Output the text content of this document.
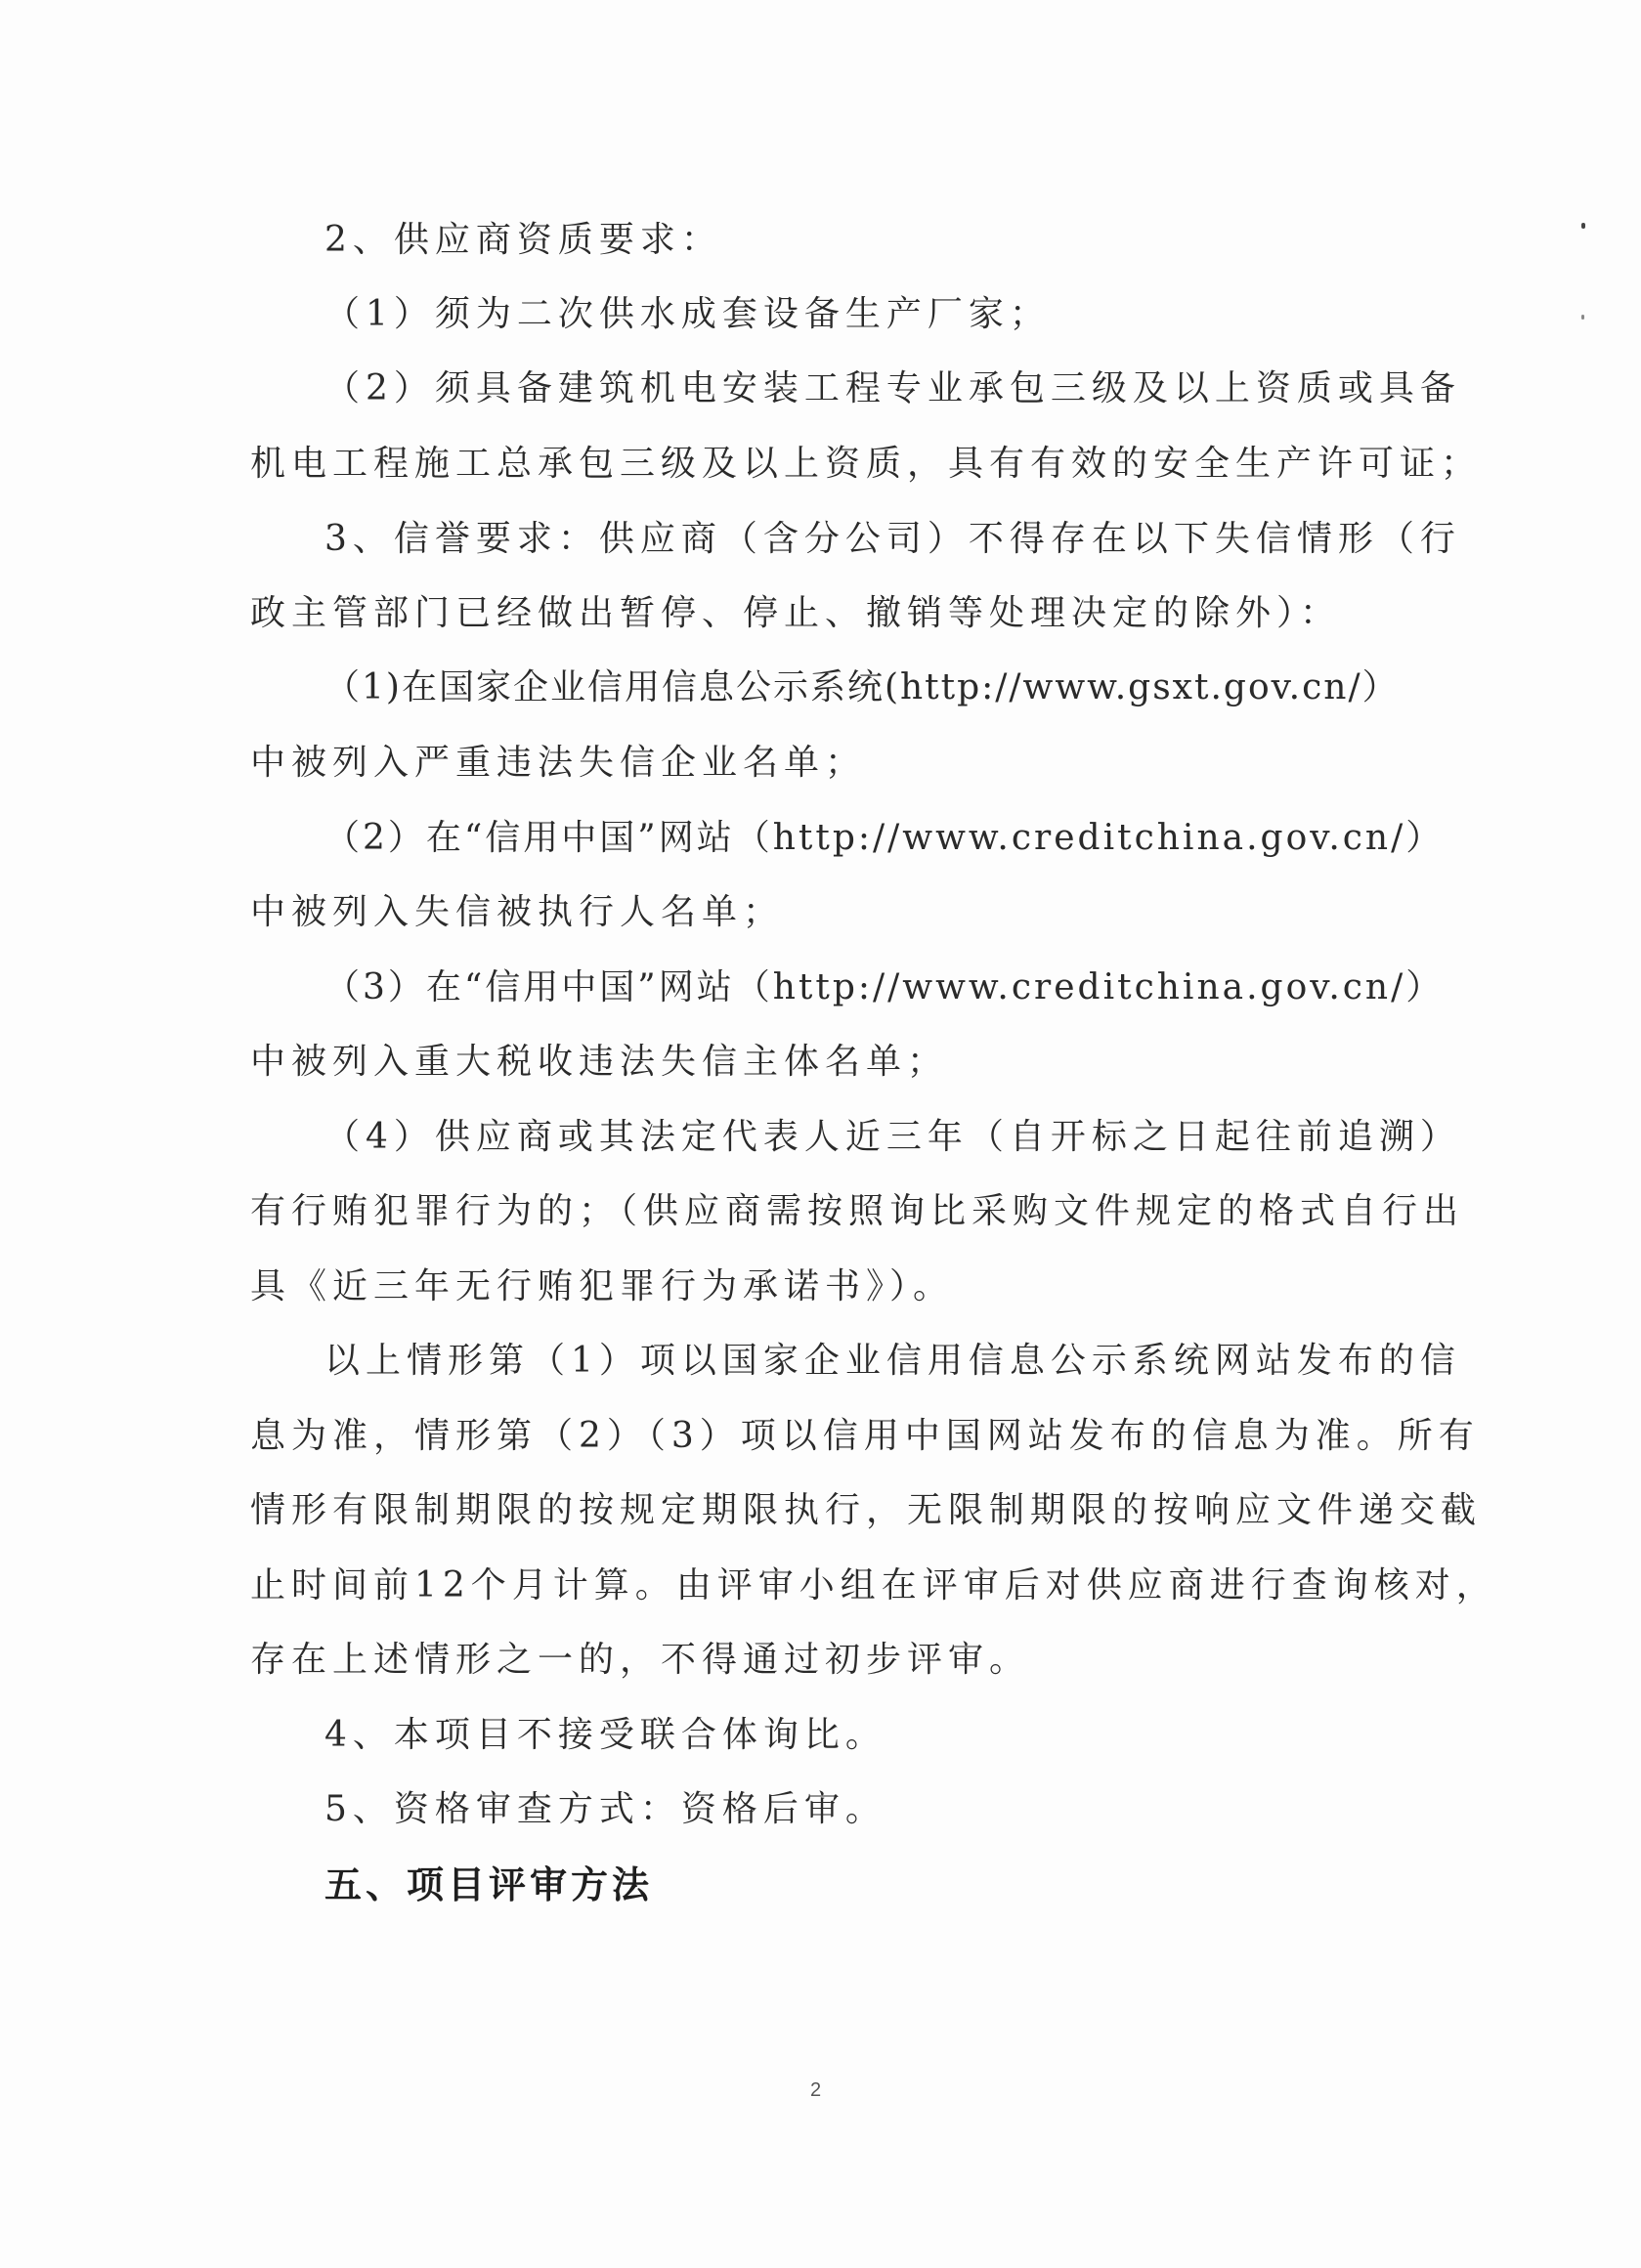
2、供应商资质要求：
（1）须为二次供水成套设备生产厂家；
（2）须具备建筑机电安装工程专业承包三级及以上资质或具备
机电工程施工总承包三级及以上资质，具有有效的安全生产许可证；
3、信誉要求：供应商（含分公司）不得存在以下失信情形（行
政主管部门已经做出暂停、停止、撤销等处理决定的除外）：
（1)在国家企业信用信息公示系统(http://www.gsxt.gov.cn/）
中被列入严重违法失信企业名单；
（2）在“信用中国”网站（http://www.creditchina.gov.cn/）
中被列入失信被执行人名单；
（3）在“信用中国”网站（http://www.creditchina.gov.cn/）
中被列入重大税收违法失信主体名单；
（4）供应商或其法定代表人近三年（自开标之日起往前追溯）
有行贿犯罪行为的；（供应商需按照询比采购文件规定的格式自行出
具《近三年无行贿犯罪行为承诺书》）。
以上情形第（1）项以国家企业信用信息公示系统网站发布的信
息为准，情形第（2）（3）项以信用中国网站发布的信息为准。所有
情形有限制期限的按规定期限执行，无限制期限的按响应文件递交截
止时间前12个月计算。由评审小组在评审后对供应商进行查询核对，
存在上述情形之一的，不得通过初步评审。
4、本项目不接受联合体询比。
5、资格审查方式：资格后审。
五、项目评审方法
2
